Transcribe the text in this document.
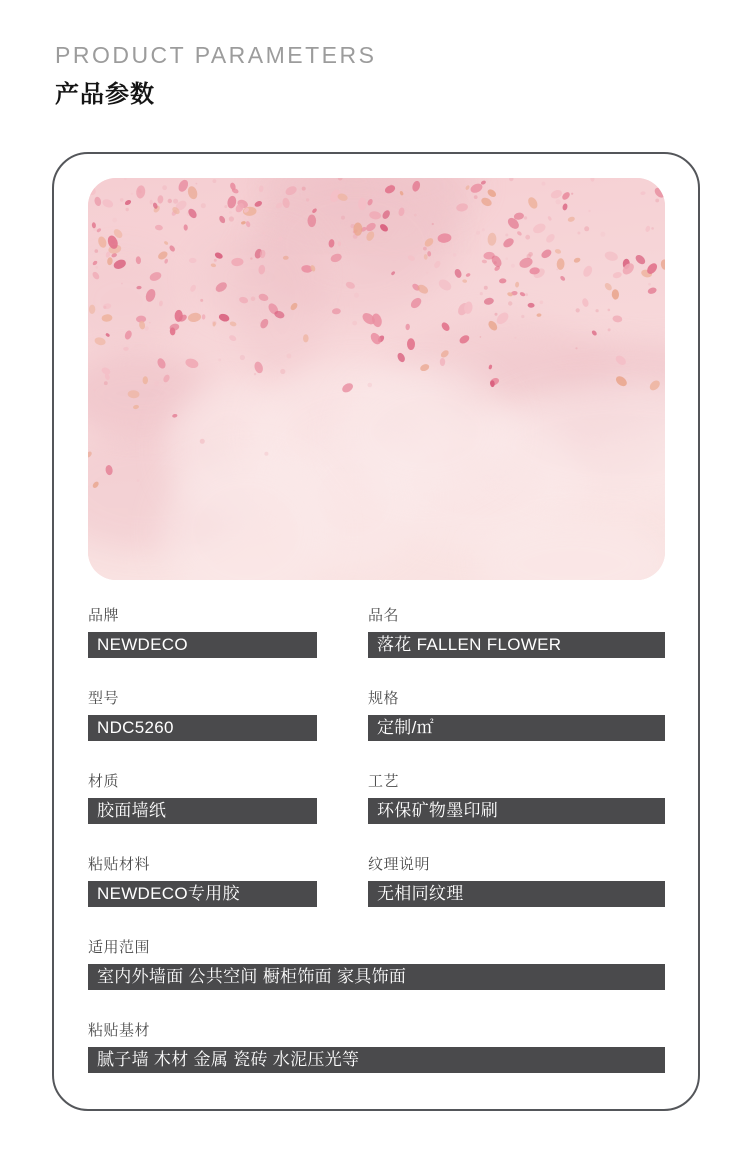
PRODUCT PARAMETERS
产品参数
品牌
NEWDECO
品名
落花 FALLEN FLOWER
型号
NDC5260
规格
定制/㎡
材质
胶面墙纸
工艺
环保矿物墨印刷
粘贴材料
NEWDECO专用胶
纹理说明
无相同纹理
适用范围
室内外墙面 公共空间 橱柜饰面 家具饰面
粘贴基材
腻子墙 木材 金属 瓷砖 水泥压光等
